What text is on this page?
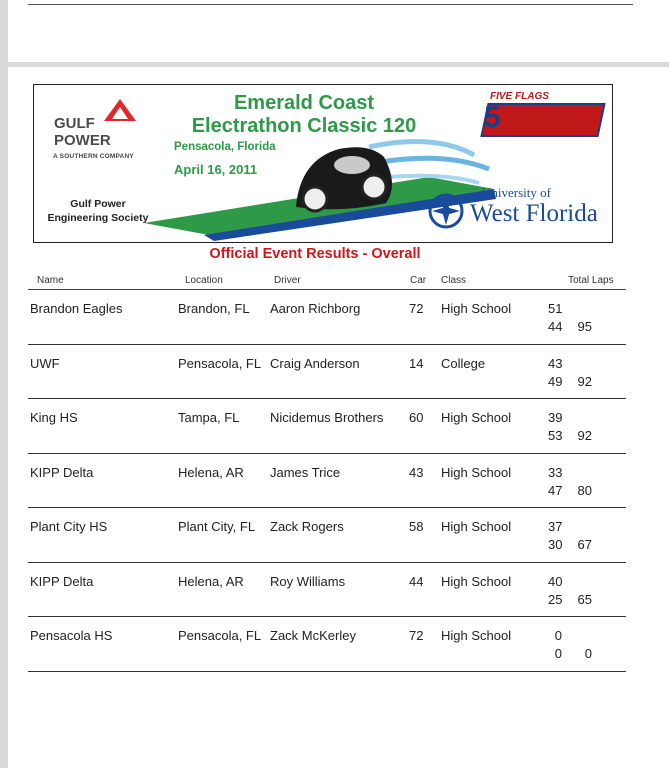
GULF
POWER
A SOUTHERN COMPANY
Gulf Power
Engineering Society
Emerald Coast
Electrathon Classic 120
Pensacola, Florida
April 16, 2011
FIVE FLAGS
5
University of
West Florida
Official Event Results - Overall
Name	Location	Driver	Car Class	Total Laps
Brandon Eagles	Brandon, FL Aaron Richborg	72 High School	51
44 95
UWF	Pensacola, FL Craig Anderson	14 College	43
49 92
King HS	Tampa, FL Nicidemus Brothers 60 High School	39
53 92
KIPP Delta	Helena, AR James Trice	43 High School	33
47 80
Plant City HS	Plant City, FL Zack Rogers	58 High School	37
30 67
KIPP Delta	Helena, AR Roy Williams	44 High School	40
25 65
Pensacola HS	Pensacola, FL Zack McKerley	72 High School	0
0	0
